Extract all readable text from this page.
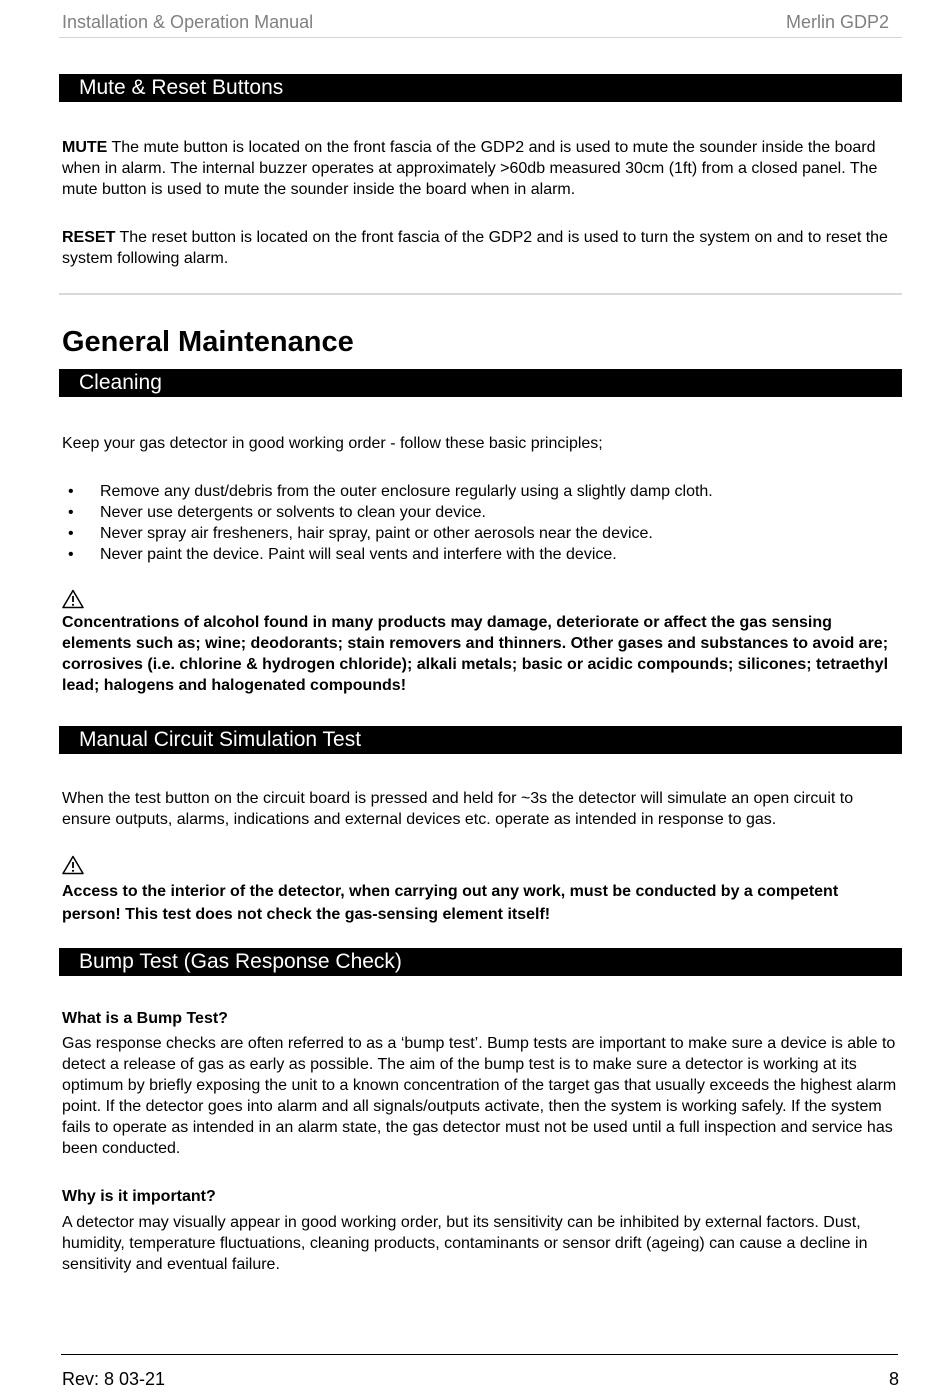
Installation & Operation Manual	Merlin GDP2
Mute & Reset Buttons
MUTE The mute button is located on the front fascia of the GDP2 and is used to mute the sounder inside the board when in alarm. The internal buzzer operates at approximately >60db measured 30cm (1ft) from a closed panel. The mute button is used to mute the sounder inside the board when in alarm.
RESET The reset button is located on the front fascia of the GDP2 and is used to turn the system on and to reset the system following alarm.
General Maintenance
Cleaning
Keep your gas detector in good working order - follow these basic principles;
• Remove any dust/debris from the outer enclosure regularly using a slightly damp cloth.
• Never use detergents or solvents to clean your device.
• Never spray air fresheners, hair spray, paint or other aerosols near the device.
• Never paint the device. Paint will seal vents and interfere with the device.
Concentrations of alcohol found in many products may damage, deteriorate or affect the gas sensing elements such as; wine; deodorants; stain removers and thinners. Other gases and substances to avoid are; corrosives (i.e. chlorine & hydrogen chloride); alkali metals; basic or acidic compounds; silicones; tetraethyl lead; halogens and halogenated compounds!
Manual Circuit Simulation Test
When the test button on the circuit board is pressed and held for ~3s the detector will simulate an open circuit to ensure outputs, alarms, indications and external devices etc. operate as intended in response to gas.
Access to the interior of the detector, when carrying out any work, must be conducted by a competent person! This test does not check the gas-sensing element itself!
Bump Test (Gas Response Check)
What is a Bump Test?
Gas response checks are often referred to as a ‘bump test’. Bump tests are important to make sure a device is able to detect a release of gas as early as possible. The aim of the bump test is to make sure a detector is working at its optimum by briefly exposing the unit to a known concentration of the target gas that usually exceeds the highest alarm point. If the detector goes into alarm and all signals/outputs activate, then the system is working safely. If the system fails to operate as intended in an alarm state, the gas detector must not be used until a full inspection and service has been conducted.
Why is it important?
A detector may visually appear in good working order, but its sensitivity can be inhibited by external factors. Dust, humidity, temperature fluctuations, cleaning products, contaminants or sensor drift (ageing) can cause a decline in sensitivity and eventual failure.
Rev: 8 03-21	8
